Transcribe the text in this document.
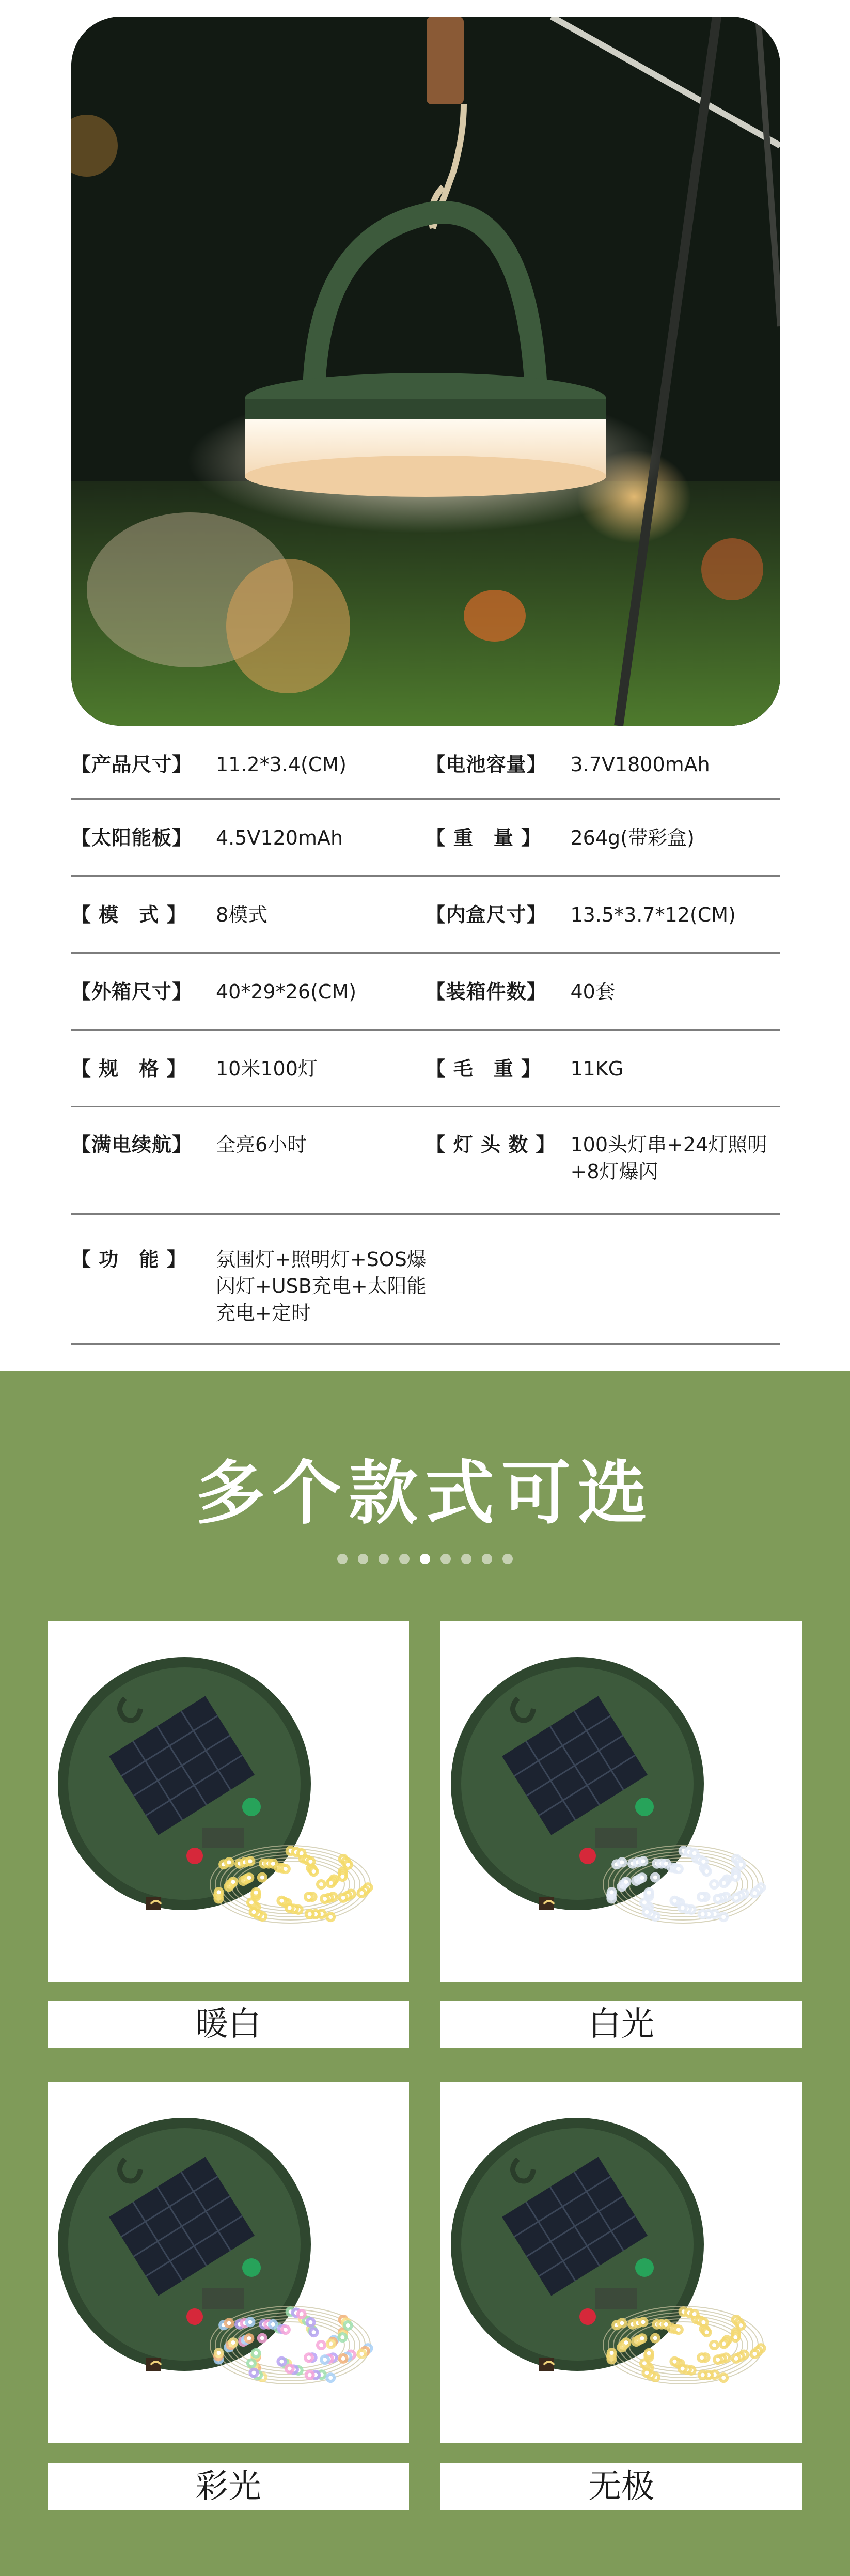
【产品尺寸】	11.2*3.4(CM)	【电池容量】	3.7V1800mAh
【太阳能板】	4.5V120mAh	【 重　量 】	264g(带彩盒)
【 模　式 】	8模式	【内盒尺寸】	13.5*3.7*12(CM)
【外箱尺寸】	40*29*26(CM)	【装箱件数】	40套
【 规　格 】	10米100灯	【 毛　重 】	11KG
【满电续航】	全亮6小时	【 灯 头 数 】 100头灯串+24灯照明+8灯爆闪
【 功　能 】	氛围灯+照明灯+SOS爆闪灯+USB充电+太阳能充电+定时
多个款式可选
暖白	白光
彩光	无极
